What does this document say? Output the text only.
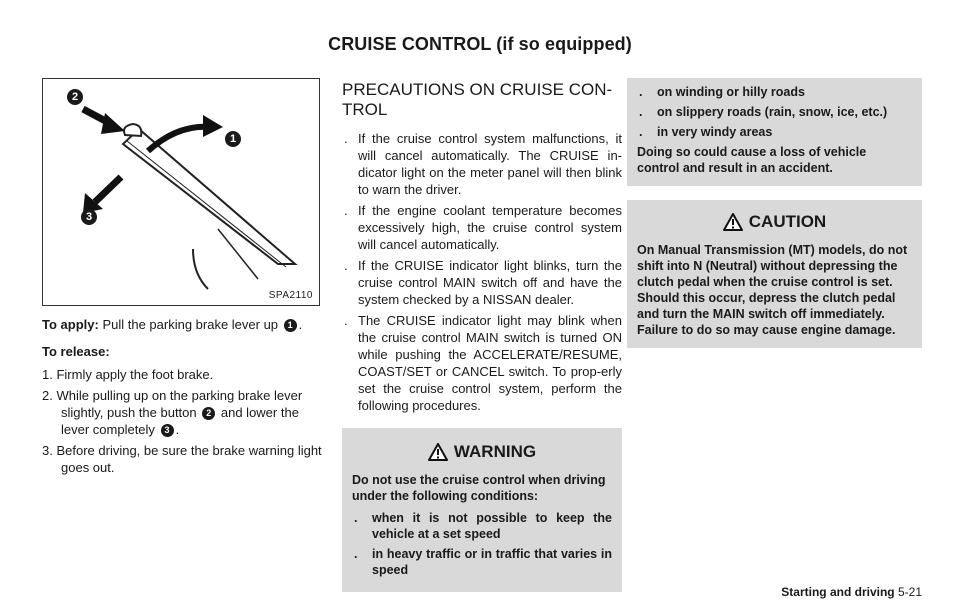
CRUISE CONTROL (if so equipped)
1
2
3
SPA2110

To apply: Pull the parking brake lever up 1 .

To release:

1. Firmly apply the foot brake.
2. While pulling up on the parking brake lever slightly, push the button 2 and lower the lever completely 3 .
3. Before driving, be sure the brake warning light goes out.
PRECAUTIONS ON CRUISE CON-TROL
. If the cruise control system malfunctions, it will cancel automatically. The CRUISE in-dicator light on the meter panel will then blink to warn the driver.
. If the engine coolant temperature becomes excessively high, the cruise control system will cancel automatically.
. If the CRUISE indicator light blinks, turn the cruise control MAIN switch off and have the system checked by a NISSAN dealer.
. The CRUISE indicator light may blink when the cruise control MAIN switch is turned ON while pushing the ACCELERATE/RESUME, COAST/SET or CANCEL switch. To prop-erly set the cruise control system, perform the following procedures.
WARNING

Do not use the cruise control when driving under the following conditions:

. when it is not possible to keep the vehicle at a set speed
. in heavy traffic or in traffic that varies in speed
. on winding or hilly roads
. on slippery roads (rain, snow, ice, etc.)
. in very windy areas

Doing so could cause a loss of vehicle control and result in an accident.

CAUTION

On Manual Transmission (MT) models, do not shift into N (Neutral) without depressing the clutch pedal when the cruise control is set. Should this occur, depress the clutch pedal and turn the MAIN switch off immediately. Failure to do so may cause engine damage.

Starting and driving 5-21
